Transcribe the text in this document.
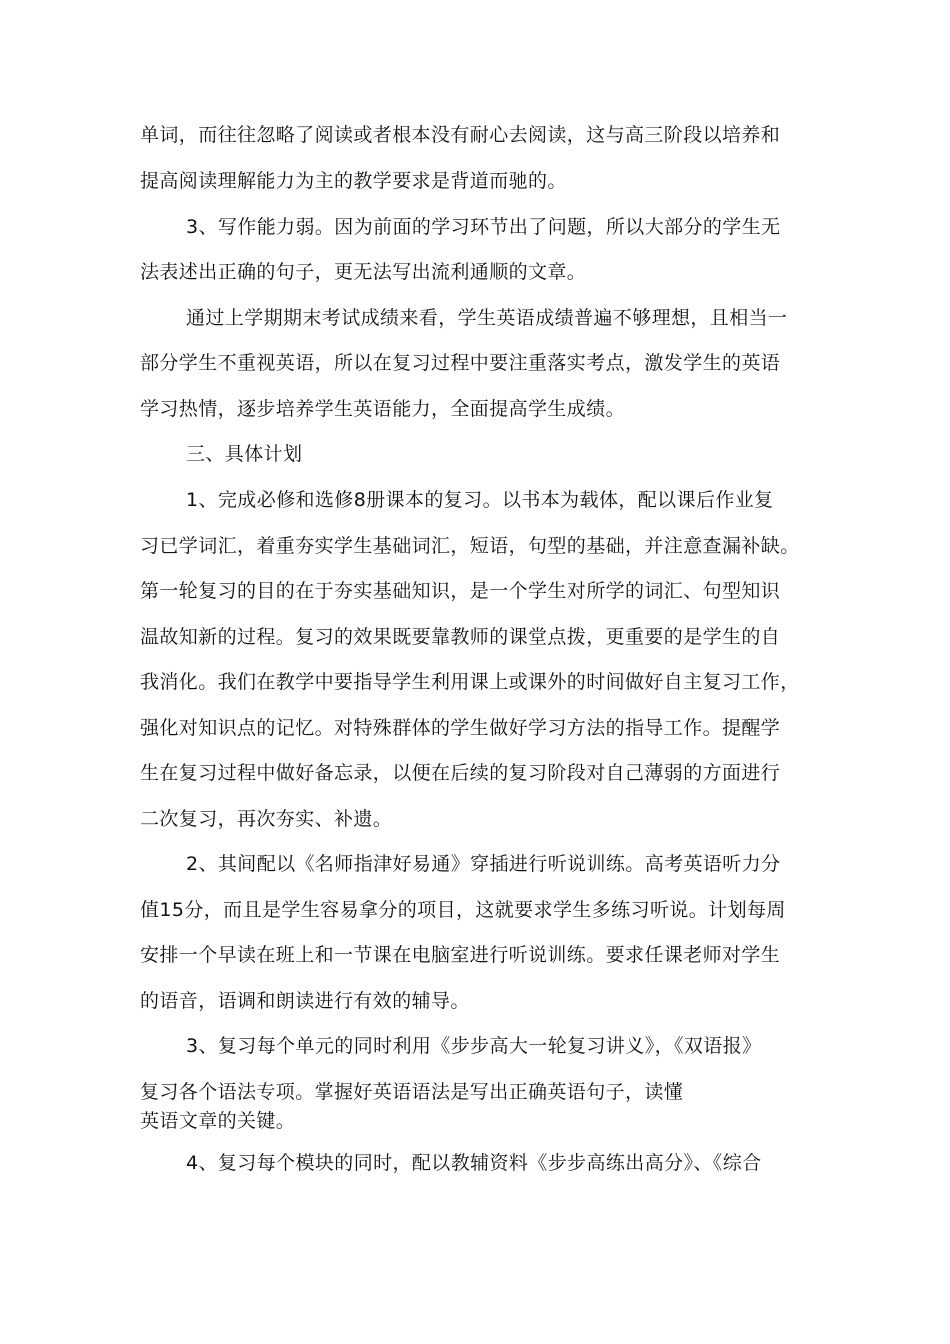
单词，而往往忽略了阅读或者根本没有耐心去阅读，这与高三阶段以培养和

提高阅读理解能力为主的教学要求是背道而驰的。

3、写作能力弱。因为前面的学习环节出了问题，所以大部分的学生无

法表述出正确的句子，更无法写出流利通顺的文章。

通过上学期期末考试成绩来看，学生英语成绩普遍不够理想，且相当一

部分学生不重视英语，所以在复习过程中要注重落实考点，激发学生的英语

学习热情，逐步培养学生英语能力，全面提高学生成绩。

三、具体计划

1、完成必修和选修8册课本的复习。以书本为载体，配以课后作业复

习已学词汇，着重夯实学生基础词汇，短语，句型的基础，并注意查漏补缺。

第一轮复习的目的在于夯实基础知识，是一个学生对所学的词汇、句型知识

温故知新的过程。复习的效果既要靠教师的课堂点拨，更重要的是学生的自

我消化。我们在教学中要指导学生利用课上或课外的时间做好自主复习工作，

强化对知识点的记忆。对特殊群体的学生做好学习方法的指导工作。提醒学

生在复习过程中做好备忘录，以便在后续的复习阶段对自己薄弱的方面进行

二次复习，再次夯实、补遗。

2、其间配以《名师指津好易通》穿插进行听说训练。高考英语听力分

值15分，而且是学生容易拿分的项目，这就要求学生多练习听说。计划每周

安排一个早读在班上和一节课在电脑室进行听说训练。要求任课老师对学生

的语音，语调和朗读进行有效的辅导。

3、复习每个单元的同时利用《步步高大一轮复习讲义》，《双语报》

复习各个语法专项。掌握好英语语法是写出正确英语句子，读懂

英语文章的关键。

4、复习每个模块的同时，配以教辅资料《步步高练出高分》、《综合
